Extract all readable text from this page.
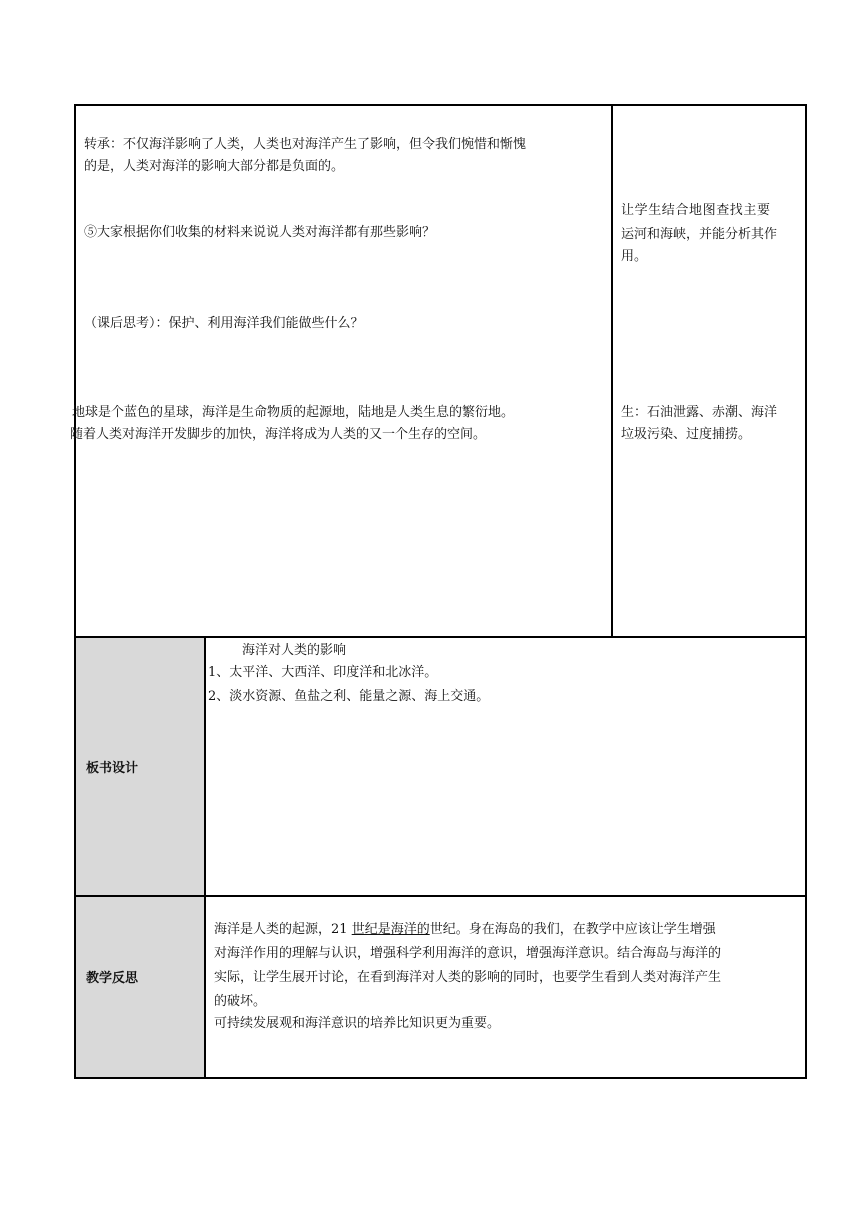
板书设计
教学反思

转承：不仅海洋影响了人类，人类也对海洋产生了影响，但令我们惋惜和惭愧

的是，人类对海洋的影响大部分都是负面的。

⑤大家根据你们收集的材料来说说人类对海洋都有那些影响？

（课后思考）：保护、利用海洋我们能做些什么？

地球是个蓝色的星球，海洋是生命物质的起源地，陆地是人类生息的繁衍地。

随着人类对海洋开发脚步的加快，海洋将成为人类的又一个生存的空间。

让学生结合地图查找主要

运河和海峡，并能分析其作

用。

生：石油泄露、赤潮、海洋

垃圾污染、过度捕捞。

海洋对人类的影响

1、太平洋、大西洋、印度洋和北冰洋。

2、淡水资源、鱼盐之利、能量之源、海上交通。

海洋是人类的起源，21 世纪是海洋的世纪。身在海岛的我们，在教学中应该让学生增强

对海洋作用的理解与认识，增强科学利用海洋的意识，增强海洋意识。结合海岛与海洋的

实际，让学生展开讨论，在看到海洋对人类的影响的同时，也要学生看到人类对海洋产生

的破坏。

可持续发展观和海洋意识的培养比知识更为重要。
